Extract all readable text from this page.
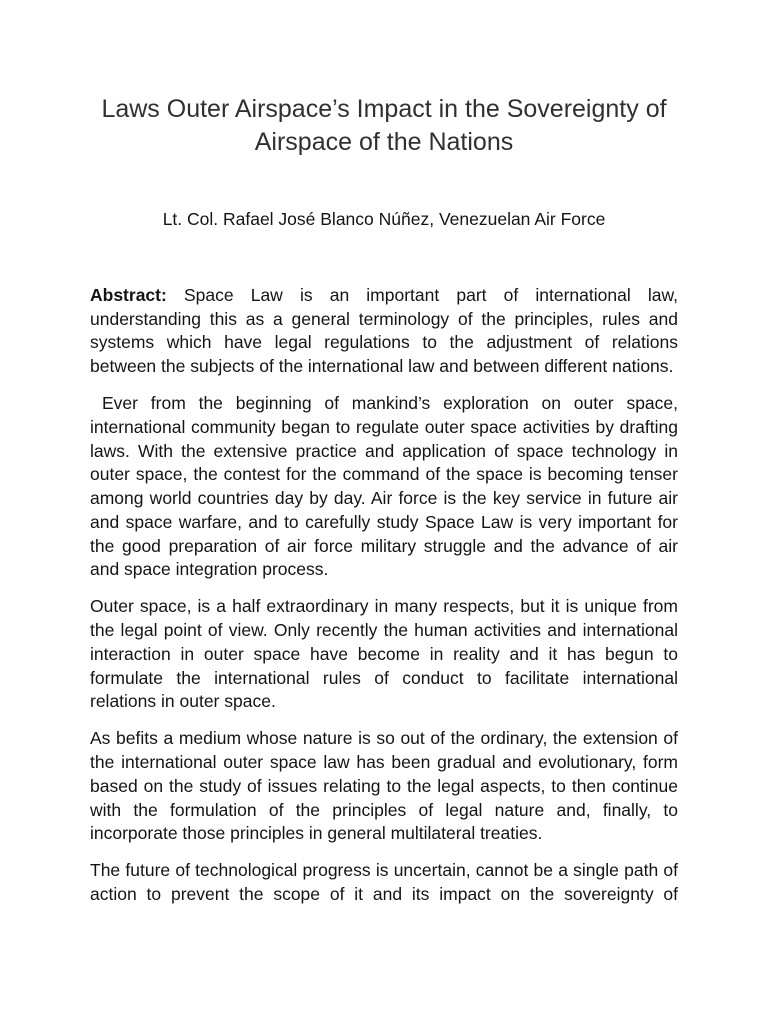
Laws Outer Airspace’s Impact in the Sovereignty of
Airspace of the Nations

Lt. Col. Rafael José Blanco Núñez, Venezuelan Air Force

Abstract: Space Law is an important part of international law,
understanding this as a general terminology of the principles, rules and
systems which have legal regulations to the adjustment of relations
between the subjects of the international law and between different nations.
Ever from the beginning of mankind’s exploration on outer space,
international community began to regulate outer space activities by drafting
laws. With the extensive practice and application of space technology in
outer space, the contest for the command of the space is becoming tenser
among world countries day by day. Air force is the key service in future air
and space warfare, and to carefully study Space Law is very important for
the good preparation of air force military struggle and the advance of air
and space integration process.
Outer space, is a half extraordinary in many respects, but it is unique from
the legal point of view. Only recently the human activities and international
interaction in outer space have become in reality and it has begun to
formulate the international rules of conduct to facilitate international
relations in outer space.
As befits a medium whose nature is so out of the ordinary, the extension of
the international outer space law has been gradual and evolutionary, form
based on the study of issues relating to the legal aspects, to then continue
with the formulation of the principles of legal nature and, finally, to
incorporate those principles in general multilateral treaties.
The future of technological progress is uncertain, cannot be a single path of
action to prevent the scope of it and its impact on the sovereignty of
